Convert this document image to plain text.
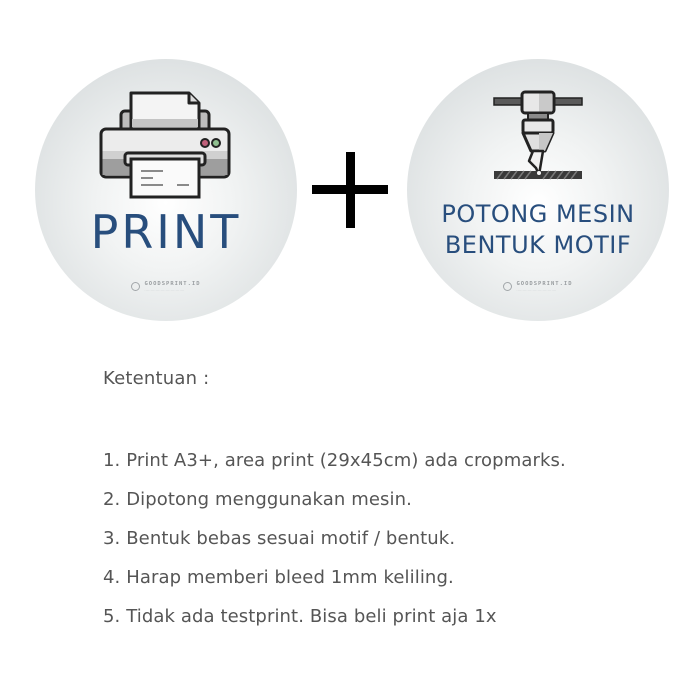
PRINT
GOODSPRINT.ID
................................
POTONG MESIN
BENTUK MOTIF
GOODSPRINT.ID
................................
Ketentuan :
1. Print A3+, area print (29x45cm) ada cropmarks.
2. Dipotong menggunakan mesin.
3. Bentuk bebas sesuai motif / bentuk.
4. Harap memberi bleed 1mm keliling.
5. Tidak ada testprint. Bisa beli print aja 1x
